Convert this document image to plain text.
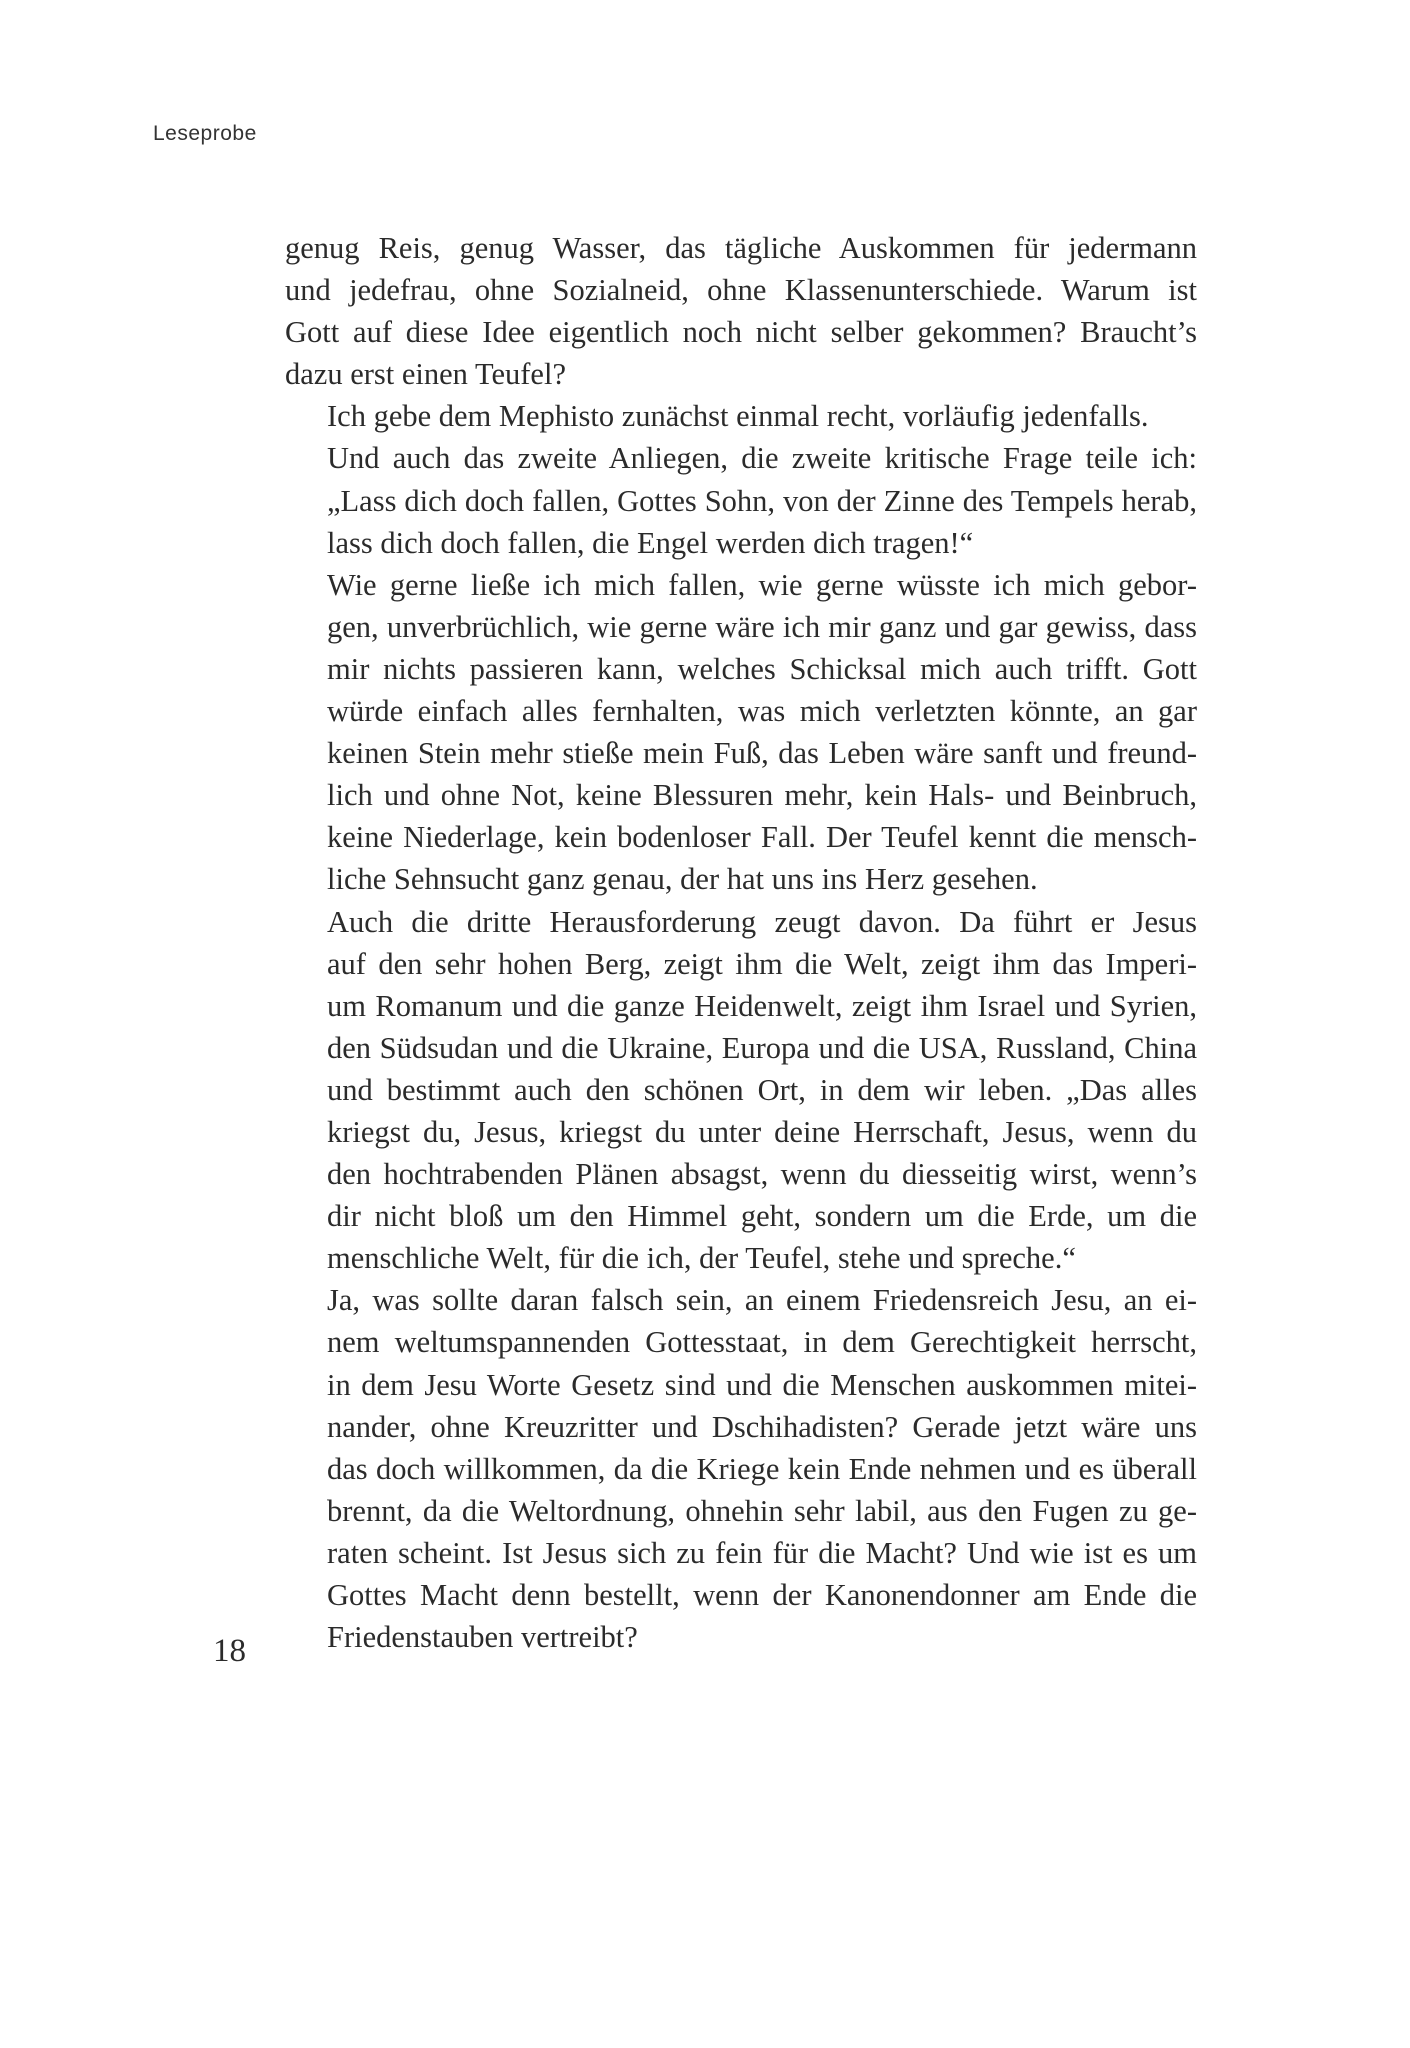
Leseprobe

genug Reis, genug Wasser, das tägliche Auskommen für jedermann
und jedefrau, ohne Sozialneid, ohne Klassenunterschiede. Warum ist
Gott auf diese Idee eigentlich noch nicht selber gekommen? Braucht’s
dazu erst einen Teufel?

Ich gebe dem Mephisto zunächst einmal recht, vorläufig jedenfalls.

Und auch das zweite Anliegen, die zweite kritische Frage teile ich:
„Lass dich doch fallen, Gottes Sohn, von der Zinne des Tempels herab,
lass dich doch fallen, die Engel werden dich tragen!“

Wie gerne ließe ich mich fallen, wie gerne wüsste ich mich gebor-
gen, unverbrüchlich, wie gerne wäre ich mir ganz und gar gewiss, dass
mir nichts passieren kann, welches Schicksal mich auch trifft. Gott
würde einfach alles fernhalten, was mich verletzten könnte, an gar
keinen Stein mehr stieße mein Fuß, das Leben wäre sanft und freund-
lich und ohne Not, keine Blessuren mehr, kein Hals- und Beinbruch,
keine Niederlage, kein bodenloser Fall. Der Teufel kennt die mensch-
liche Sehnsucht ganz genau, der hat uns ins Herz gesehen.

Auch die dritte Herausforderung zeugt davon. Da führt er Jesus
auf den sehr hohen Berg, zeigt ihm die Welt, zeigt ihm das Imperi-
um Romanum und die ganze Heidenwelt, zeigt ihm Israel und Syrien,
den Südsudan und die Ukraine, Europa und die USA, Russland, China
und bestimmt auch den schönen Ort, in dem wir leben. „Das alles
kriegst du, Jesus, kriegst du unter deine Herrschaft, Jesus, wenn du
den hochtrabenden Plänen absagst, wenn du diesseitig wirst, wenn’s
dir nicht bloß um den Himmel geht, sondern um die Erde, um die
menschliche Welt, für die ich, der Teufel, stehe und spreche.“

Ja, was sollte daran falsch sein, an einem Friedensreich Jesu, an ei-
nem weltumspannenden Gottesstaat, in dem Gerechtigkeit herrscht,
in dem Jesu Worte Gesetz sind und die Menschen auskommen mitei-
nander, ohne Kreuzritter und Dschihadisten? Gerade jetzt wäre uns
das doch willkommen, da die Kriege kein Ende nehmen und es überall
brennt, da die Weltordnung, ohnehin sehr labil, aus den Fugen zu ge-
raten scheint. Ist Jesus sich zu fein für die Macht? Und wie ist es um
Gottes Macht denn bestellt, wenn der Kanonendonner am Ende die
Friedenstauben vertreibt?

18
